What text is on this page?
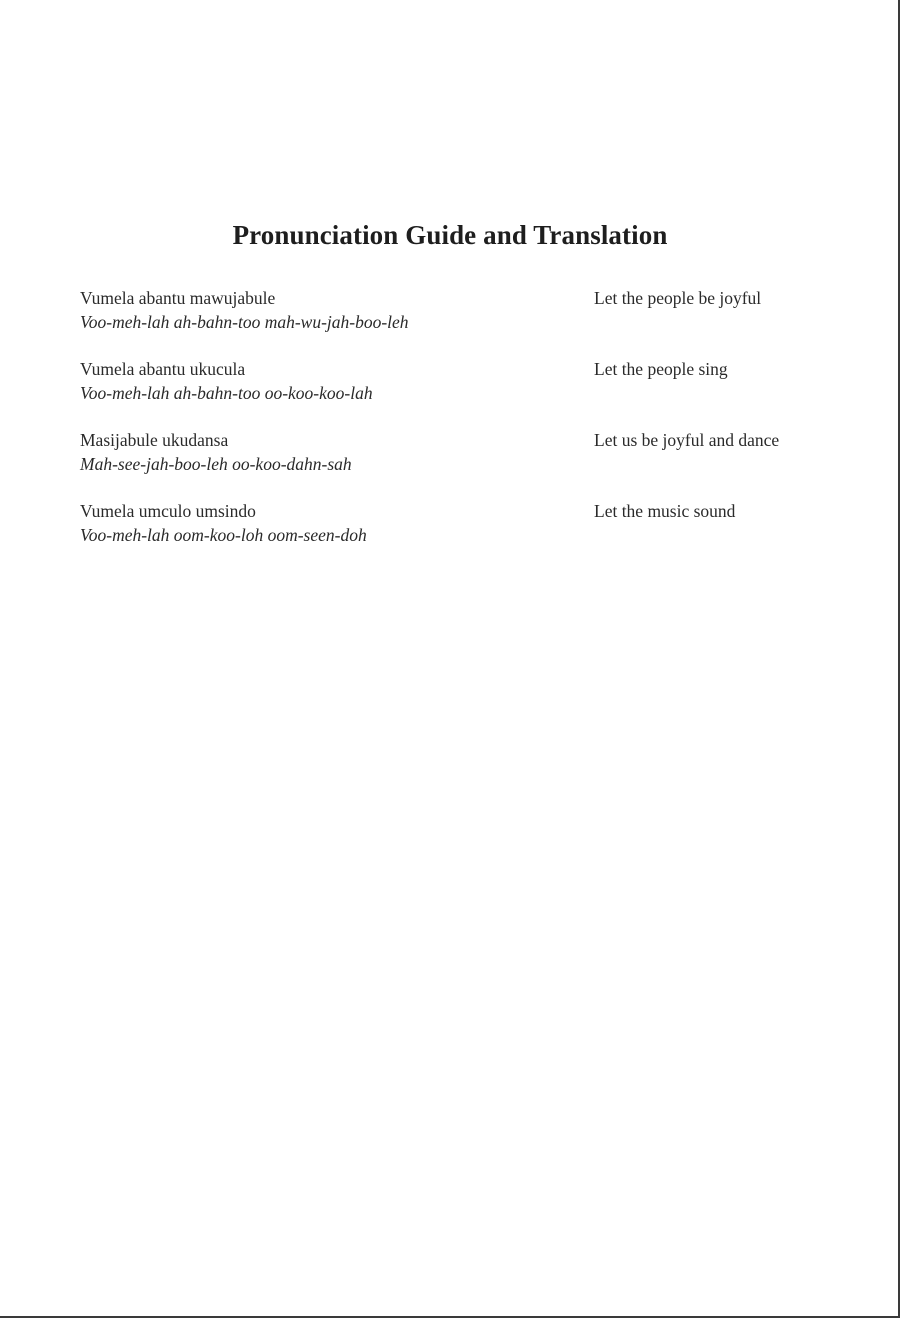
Pronunciation Guide and Translation
Vumela abantu mawujabule
Voo-meh-lah ah-bahn-too mah-wu-jah-boo-leh
Let the people be joyful
Vumela abantu ukucula
Voo-meh-lah ah-bahn-too oo-koo-koo-lah
Let the people sing
Masijabule ukudansa
Mah-see-jah-boo-leh oo-koo-dahn-sah
Let us be joyful and dance
Vumela umculo umsindo
Voo-meh-lah oom-koo-loh oom-seen-doh
Let the music sound
